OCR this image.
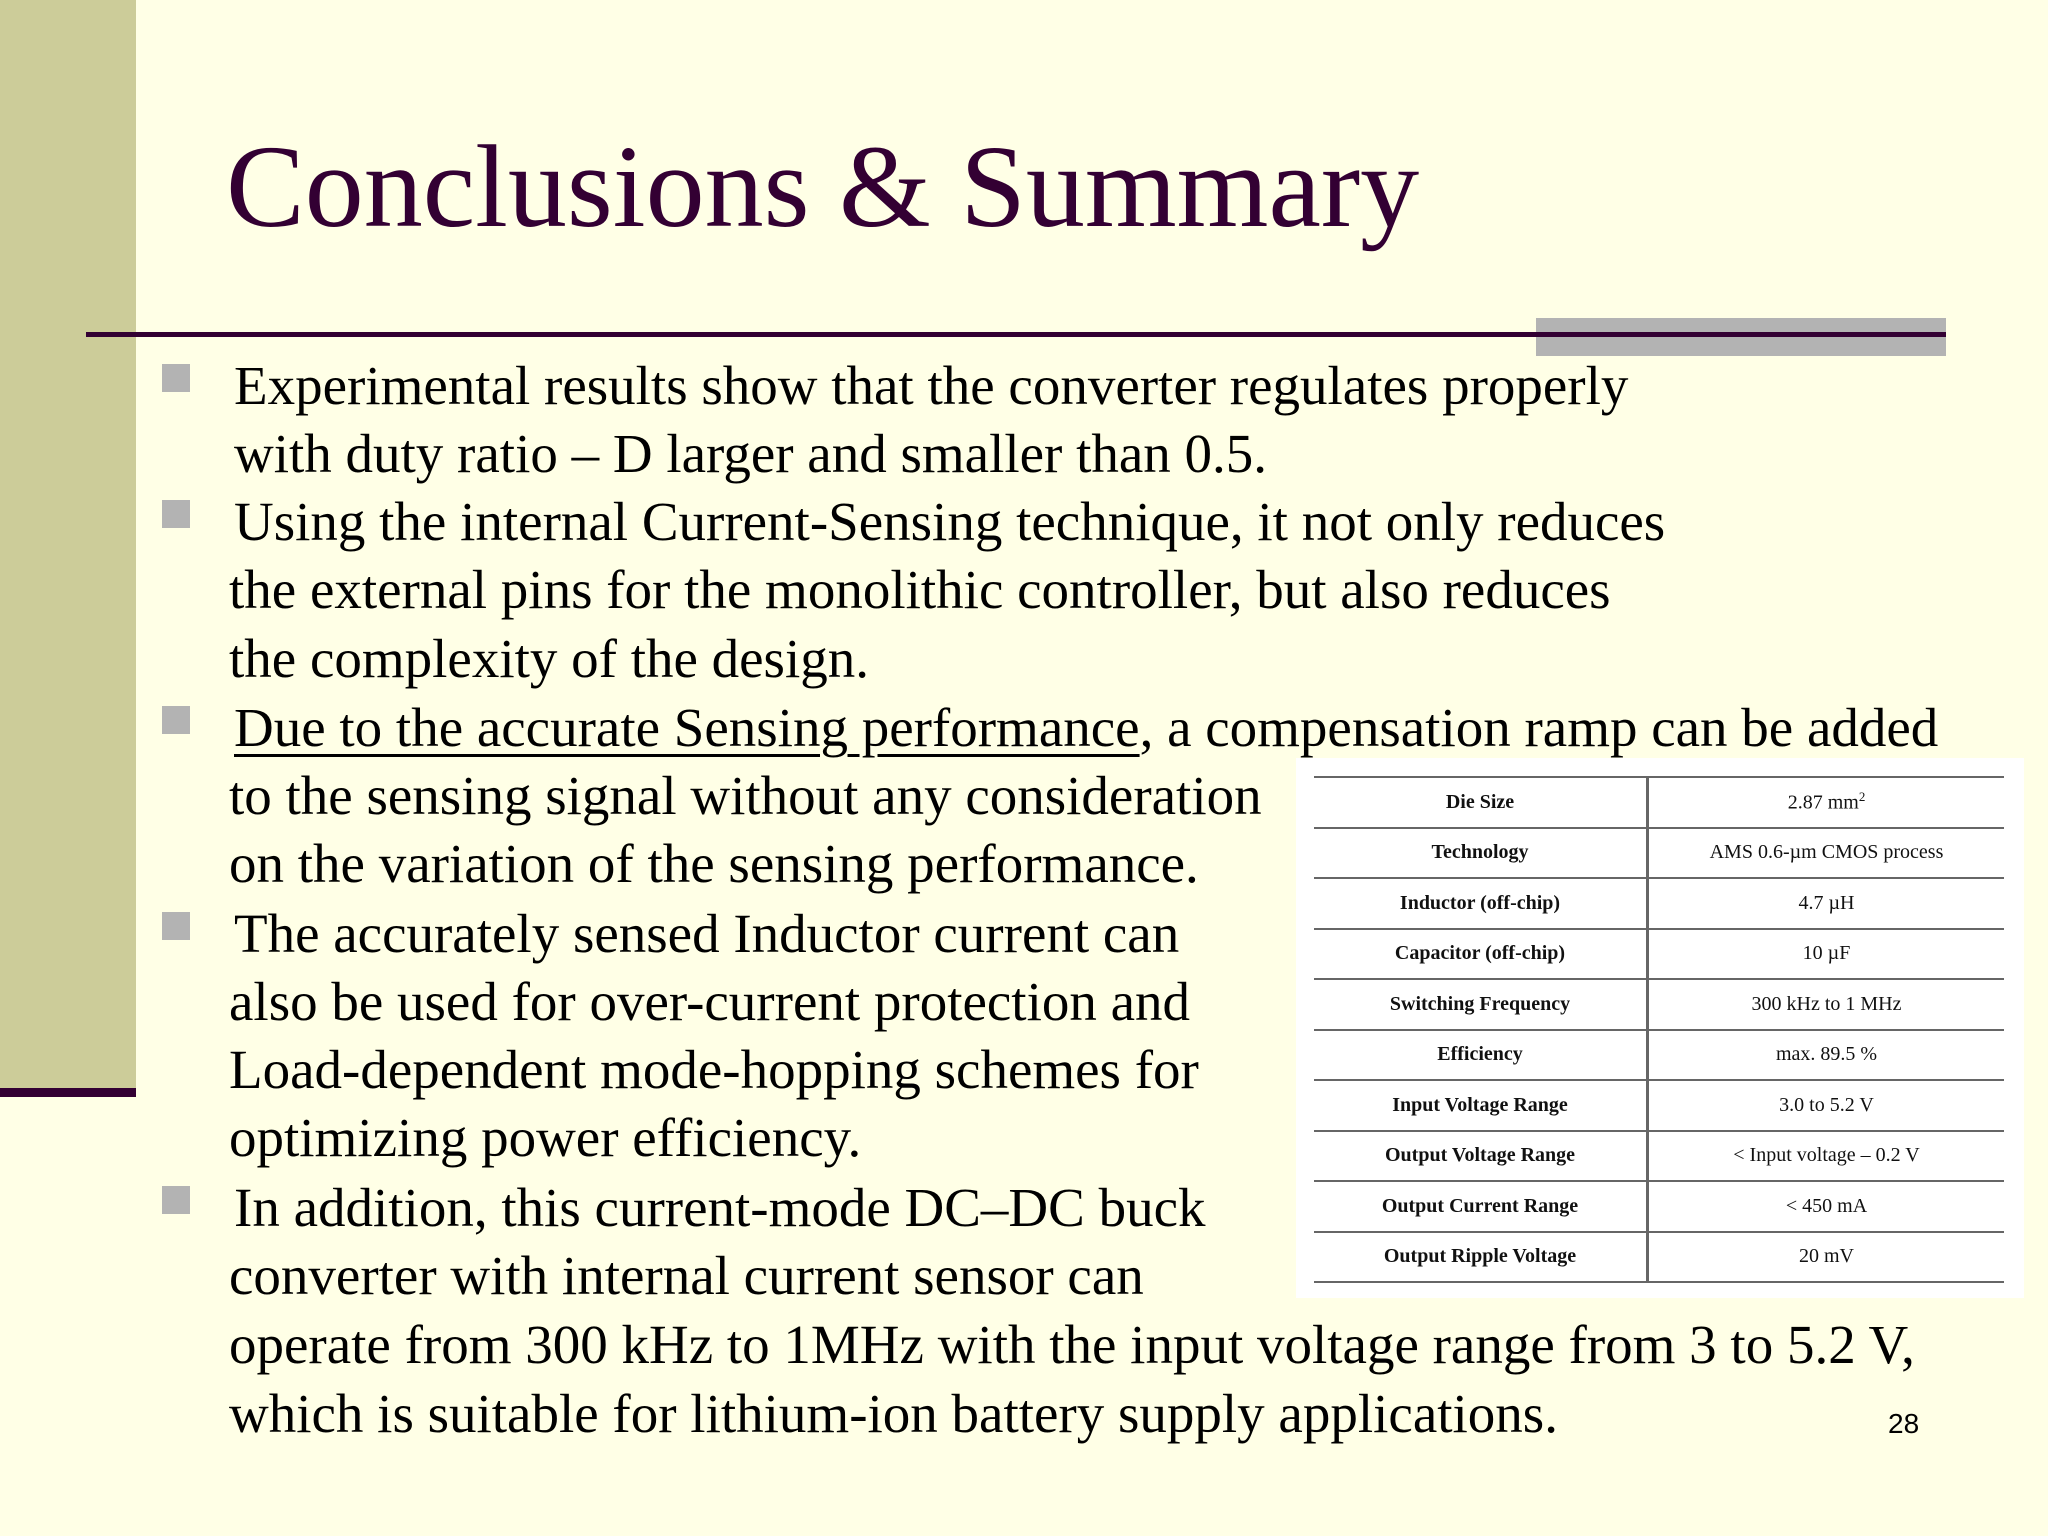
Conclusions & Summary
Experimental results show that the converter regulates properly
with duty ratio – D larger and smaller than 0.5.
Using the internal Current-Sensing technique, it not only reduces
the external pins for the monolithic controller, but also reduces
the complexity of the design.
Due to the accurate Sensing performance, a compensation ramp can be added
to the sensing signal without any consideration
on the variation of the sensing performance.
The accurately sensed Inductor current can
also be used for over-current protection and
Load-dependent mode-hopping schemes for
optimizing power efficiency.
In addition, this current-mode DC–DC buck
converter with internal current sensor can
operate from 300 kHz to 1MHz with the input voltage range from 3 to 5.2 V,
which is suitable for lithium-ion battery supply applications.
Die Size	2.87 $mm^2$
Technology	AMS 0.6-µm CMOS process
Inductor (off-chip)	4.7 µH
Capacitor (off-chip)	10 µF
Switching Frequency	300 kHz to 1 MHz
Efficiency	max. 89.5 %
Input Voltage Range	3.0 to 5.2 V
Output Voltage Range	< Input voltage – 0.2 V
Output Current Range	< 450 mA
Output Ripple Voltage	20 mV
28
